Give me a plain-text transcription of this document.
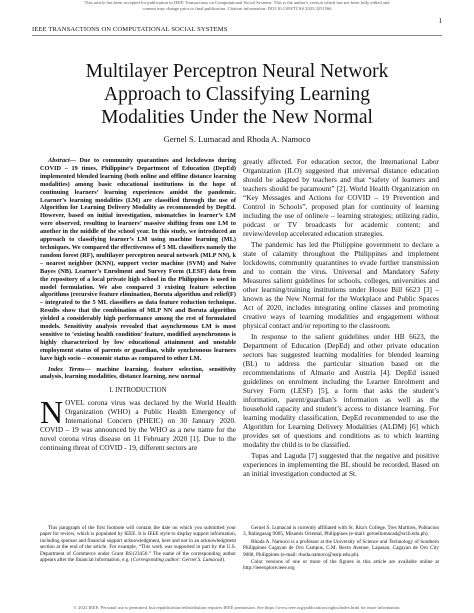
This article has been accepted for publication in IEEE Transactions on Computational Social Systems. This is the author's version which has not been fully edited and
content may change prior to final publication. Citation information: DOI 10.1109/TCSS.2023.3251566
1
IEEE TRANSACTIONS ON COMPUTATIONAL SOCIAL SYSTEMS
Multilayer Perceptron Neural Network
Approach to Classifying Learning
Modalities Under the New Normal
Gernel S. Lumacad and Rhoda A. Namoco

Abstract— Due to community quarantines and lockdowns during COVID – 19 times, Philippine’s Department of Education (DepEd) implemented blended learning (both online and offline distance learning modalities) among basic educational institutions in the hope of continuing learners’ learning experiences amidst the pandemic. Learner’s learning modalities (LM) are classified through the use of Algorithm for Learning Delivery Modality as recommended by DepEd. However, based on initial investigation, mismatches in learner’s LM were observed, resulting to learners’ massive shifting from one LM to another in the middle of the school year. In this study, we introduced an approach to classifying learner’s LM using machine learning (ML) techniques. We compared the effectiveness of 5 ML classifiers namely the random forest (RF), multilayer perceptron neural network (MLP NN), k – nearest neighbor (KNN), support vector machine (SVM) and Naive Bayes (NB). Learner’s Enrolment and Survey Form (LESF) data from the repository of a local private high school in the Philippines is used in model formulation. We also compared 3 existing feature selection algorithms (recursive feature elimination, Boruta algorithm and relief(F) – integrated to the 5 ML classifiers as data feature reduction technique. Results show that the combination of MLP NN and Boruta algorithm yielded a considerably high performance among the rest of formulated models. Sensitivity analysis revealed that asynchronous LM is most sensitive to ‘existing health condition’ feature, modified asynchronous is highly characterized by low educational attainment and unstable employment status of parents or guardian, while synchronous learners have high socio – economic status as compared to other LM.

Index Terms— machine learning, feature selection, sensitivity analysis, learning modalities, distance learning, new normal

I. INTRODUCTION

NOVEL corona virus was declared by the World Health Organization (WHO) a Public Health Emergency of International Concern (PHEIC) on 30 January 2020. COVID – 19 was announced by the WHO as a new name for the novel corona virus disease on 11 February 2020 [1]. Due to the continuing threat of COVID - 19, different sectors are

greatly affected. For education sector, the International Labor Organization (ILO) suggested that universal distance education should be adapted by teachers and that “safety of learners and teachers should be paramount” [2]. World Health Organization on “Key Messages and Actions for COVID – 19 Prevention and Control in Schools”, proposed plan for continuity of learning including the use of online/e – learning strategies; utilizing radio, podcast or TV broadcasts for academic content; and review/develop accelerated education strategies.

The pandemic has led the Philippine government to declare a state of calamity throughout the Philippines and implement lockdowns, community quarantines to evade further transmission and to contain the virus. Universal and Mandatory Safety Measures salient guidelines for schools, colleges, universities and other learning/training institutions under House Bill 6623 [3] – known as the New Normal for the Workplace and Public Spaces Act of 2020, includes integrating online classes and promoting creative ways of learning modalities and engagement without physical contact and/or reporting to the classroom.

In response to the salient guidelines under HB 6623, the Department of Education (DepEd) and other private education sectors has suggested learning modalities for blended learning (BL) to address the particular situation based on the recommendations of Almario and Austria [4]. DepEd issued guidelines on enrolment including the Learner Enrolment and Survey Form (LESF) [5], a form that asks the student’s information, parent/guardian’s information as well as the household capacity and student’s access to distance learning. For learning modality classification, DepEd recommended to use the Algorithm for Learning Delivery Modalities (ALDM) [6] which provides set of questions and conditions as to which learning modality the child is to be classified.

Tupas and Laguda [7] suggested that the negative and positive experiences in implementing the BL should be recorded. Based on an initial investigation conducted at St.

This paragraph of the first footnote will contain the date on which you submitted your paper for review, which is populated by IEEE. It is IEEE style to display support information, including sponsor and financial support acknowledgment, here and not in an acknowledgment section at the end of the article. For example, “This work was supported in part by the U.S. Department of Commerce under Grant BS123456.” The name of the corresponding author appears after the financial information, e.g. (Corresponding author: Gernel S. Lumacad).

Gernel S. Lumacad is currently affiliated with St. Rita’s College, Tres Martires, Poblacion 3, Balingasag 9005, Misamis Oriental, Philippines (e-mail: gernellumacad@srcb.edu.ph).

Rhoda A. Namoco is a professor at the University of Science and Technology of Southern Philippines Cagayan de Oro Campus, C.M. Recto Avenue, Lapasan, Cagayan de Oro City 9000, Philippines (e-mail: rhoda.namoco@ustp.edu.ph).

Color versions of one or more of the figures in this article are available online at http://ieeexplore.ieee.org

© 2023 IEEE. Personal use is permitted, but republication/redistribution requires IEEE permission. See https://www.ieee.org/publications/rights/index.html for more information.
